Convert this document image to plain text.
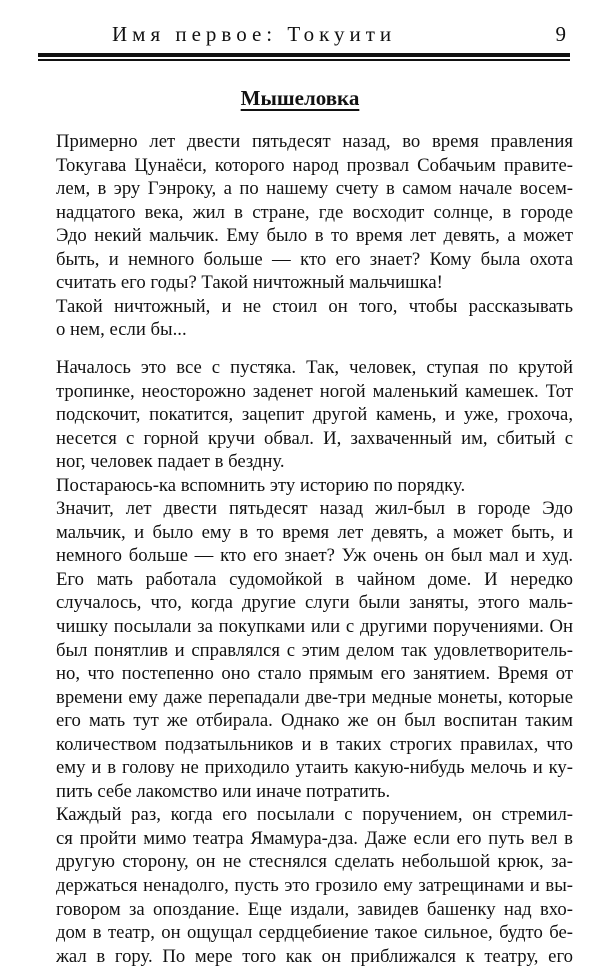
Имя первое: Токуити	9
Мышеловка
Примерно лет двести пятьдесят назад, во время правления
Токугава Цунаёси, которого народ прозвал Собачьим правите-
лем, в эру Гэнроку, а по нашему счету в самом начале восем-
надцатого века, жил в стране, где восходит солнце, в городе
Эдо некий мальчик. Ему было в то время лет девять, а может
быть, и немного больше — кто его знает? Кому была охота
считать его годы? Такой ничтожный мальчишка!
Такой ничтожный, и не стоил он того, чтобы рассказывать
о нем, если бы...
Началось это все с пустяка. Так, человек, ступая по крутой
тропинке, неосторожно заденет ногой маленький камешек. Тот
подскочит, покатится, зацепит другой камень, и уже, грохоча,
несется с горной кручи обвал. И, захваченный им, сбитый с
ног, человек падает в бездну.
Постараюсь-ка вспомнить эту историю по порядку.
Значит, лет двести пятьдесят назад жил-был в городе Эдо
мальчик, и было ему в то время лет девять, а может быть, и
немного больше — кто его знает? Уж очень он был мал и худ.
Его мать работала судомойкой в чайном доме. И нередко
случалось, что, когда другие слуги были заняты, этого маль-
чишку посылали за покупками или с другими поручениями. Он
был понятлив и справлялся с этим делом так удовлетворитель-
но, что постепенно оно стало прямым его занятием. Время от
времени ему даже перепадали две-три медные монеты, которые
его мать тут же отбирала. Однако же он был воспитан таким
количеством подзатыльников и в таких строгих правилах, что
ему и в голову не приходило утаить какую-нибудь мелочь и ку-
пить себе лакомство или иначе потратить.
Каждый раз, когда его посылали с поручением, он стремил-
ся пройти мимо театра Ямамура-дза. Даже если его путь вел в
другую сторону, он не стеснялся сделать небольшой крюк, за-
держаться ненадолго, пусть это грозило ему затрещинами и вы-
говором за опоздание. Еще издали, завидев башенку над вхо-
дом в театр, он ощущал сердцебиение такое сильное, будто бе-
жал в гору. По мере того как он приближался к театру, его
